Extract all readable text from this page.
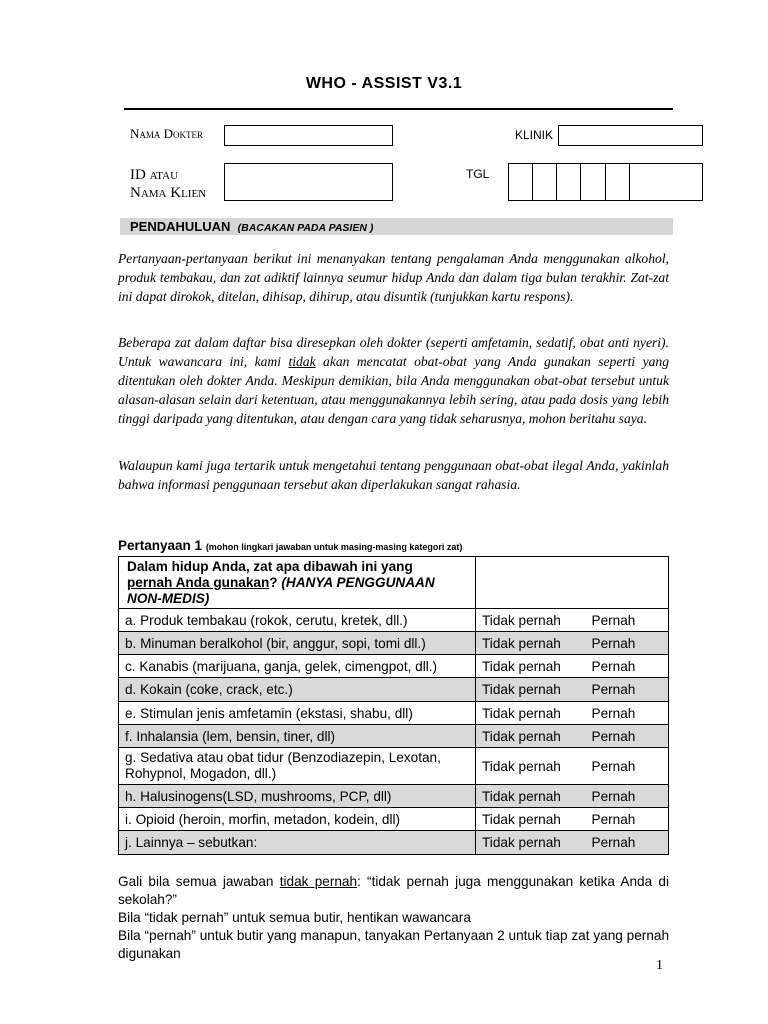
WHO - ASSIST V3.1
Nama Dokter	KLINIK
ID atau
Nama Klien
TGL
PENDAHULUAN (BACAKAN PADA PASIEN )
Pertanyaan-pertanyaan berikut ini menanyakan tentang pengalaman Anda menggunakan alkohol, produk tembakau, dan zat adiktif lainnya seumur hidup Anda dan dalam tiga bulan terakhir. Zat-zat ini dapat dirokok, ditelan, dihisap, dihirup, atau disuntik (tunjukkan kartu respons).
Beberapa zat dalam daftar bisa diresepkan oleh dokter (seperti amfetamin, sedatif, obat anti nyeri). Untuk wawancara ini, kami tidak akan mencatat obat-obat yang Anda gunakan seperti yang ditentukan oleh dokter Anda. Meskipun demikian, bila Anda menggunakan obat-obat tersebut untuk alasan-alasan selain dari ketentuan, atau menggunakannya lebih sering, atau pada dosis yang lebih tinggi daripada yang ditentukan, atau dengan cara yang tidak seharusnya, mohon beritahu saya.
Walaupun kami juga tertarik untuk mengetahui tentang penggunaan obat-obat ilegal Anda, yakinlah bahwa informasi penggunaan tersebut akan diperlakukan sangat rahasia.
Pertanyaan 1 (mohon lingkari jawaban untuk masing-masing kategori zat)
Dalam hidup Anda, zat apa dibawah ini yang
pernah Anda gunakan? (HANYA PENGGUNAAN NON-MEDIS)		
a. Produk tembakau (rokok, cerutu, kretek, dll.)	Tidak pernah	Pernah
b. Minuman beralkohol (bir, anggur, sopi, tomi dll.)	Tidak pernah	Pernah
c. Kanabis (marijuana, ganja, gelek, cimengpot, dll.)	Tidak pernah	Pernah
d. Kokain (coke, crack, etc.)	Tidak pernah	Pernah
e. Stimulan jenis amfetamin (ekstasi, shabu, dll)	Tidak pernah	Pernah
f. Inhalansia (lem, bensin, tiner, dll)	Tidak pernah	Pernah
g. Sedativa atau obat tidur (Benzodiazepin, Lexotan, Rohypnol, Mogadon, dll.)	Tidak pernah	Pernah
h. Halusinogens(LSD, mushrooms, PCP, dll)	Tidak pernah	Pernah
i. Opioid (heroin, morfin, metadon, kodein, dll)	Tidak pernah	Pernah
j. Lainnya – sebutkan:	Tidak pernah	Pernah
Gali bila semua jawaban tidak pernah: “tidak pernah juga menggunakan ketika Anda di sekolah?”
Bila “tidak pernah” untuk semua butir, hentikan wawancara
Bila “pernah” untuk butir yang manapun, tanyakan Pertanyaan 2 untuk tiap zat yang pernah digunakan
1
